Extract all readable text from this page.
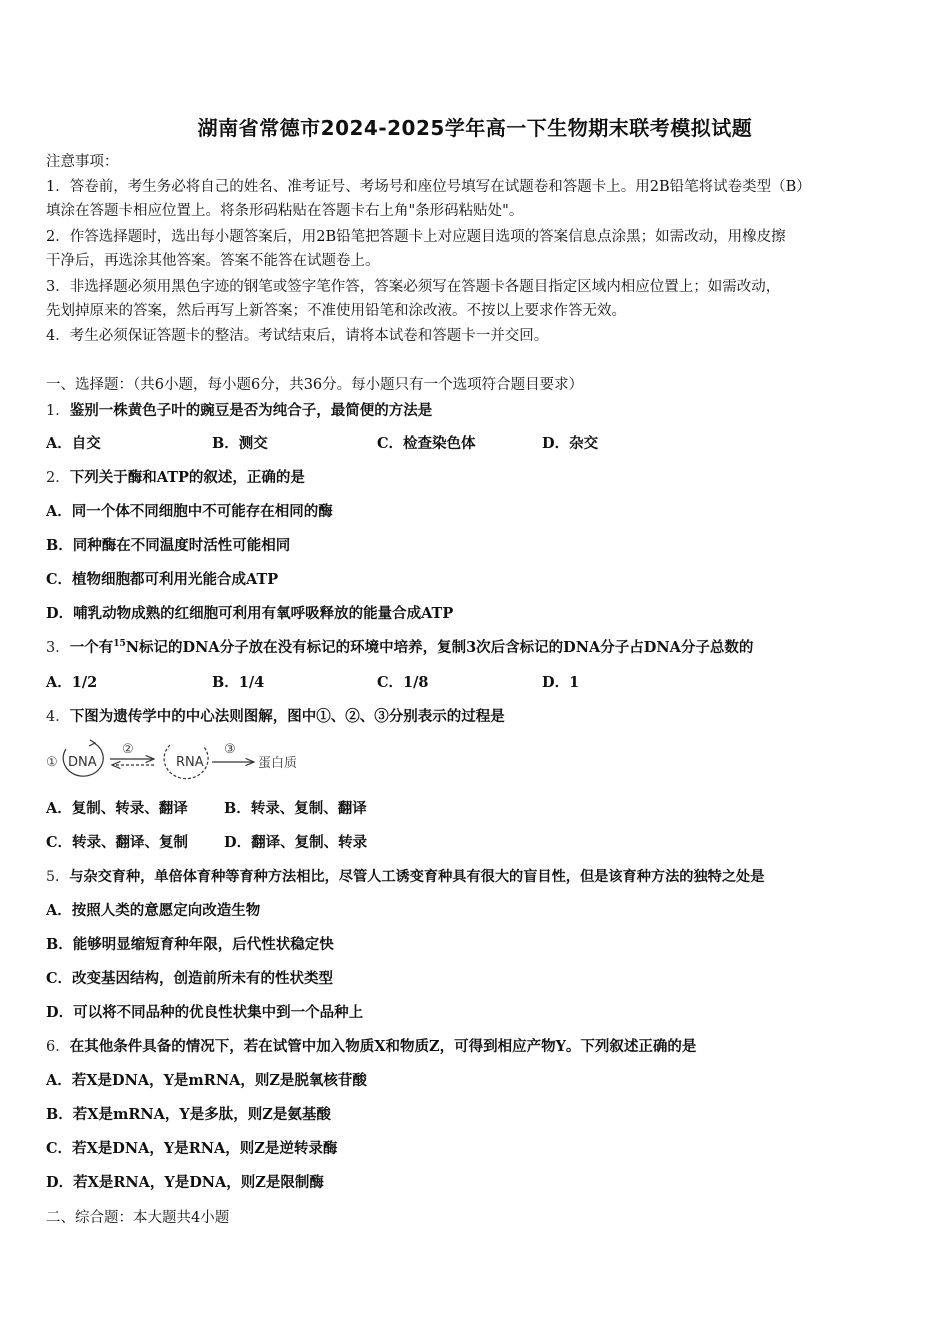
湖南省常德市2024-2025学年高一下生物期末联考模拟试题
注意事项：
1．答卷前，考生务必将自己的姓名、准考证号、考场号和座位号填写在试题卷和答题卡上。用2B铅笔将试卷类型（B）
填涂在答题卡相应位置上。将条形码粘贴在答题卡右上角"条形码粘贴处"。
2．作答选择题时，选出每小题答案后，用2B铅笔把答题卡上对应题目选项的答案信息点涂黑；如需改动，用橡皮擦
干净后，再选涂其他答案。答案不能答在试题卷上。
3．非选择题必须用黑色字迹的钢笔或签字笔作答，答案必须写在答题卡各题目指定区域内相应位置上；如需改动，
先划掉原来的答案，然后再写上新答案；不准使用铅笔和涂改液。不按以上要求作答无效。
4．考生必须保证答题卡的整洁。考试结束后，请将本试卷和答题卡一并交回。
一、选择题：（共6小题，每小题6分，共36分。每小题只有一个选项符合题目要求）
1．鉴别一株黄色子叶的豌豆是否为纯合子，最简便的方法是
A．自交	B．测交	C．检查染色体	D．杂交
2．下列关于酶和ATP的叙述，正确的是
A．同一个体不同细胞中不可能存在相同的酶
B．同种酶在不同温度时活性可能相同
C．植物细胞都可利用光能合成ATP
D．哺乳动物成熟的红细胞可利用有氧呼吸释放的能量合成ATP
3．一个有$^{15}$N标记的DNA分子放在没有标记的环境中培养，复制3次后含标记的DNA分子占DNA分子总数的
A．1/2	B．1/4	C．1/8	D．1
4．下图为遗传学中的中心法则图解，图中①、②、③分别表示的过程是
① DNA
②
RNA
③
蛋白质
A．复制、转录、翻译	B．转录、复制、翻译
C．转录、翻译、复制 D．翻译、复制、转录
5．与杂交育种，单倍体育种等育种方法相比，尽管人工诱变育种具有很大的盲目性，但是该育种方法的独特之处是
A．按照人类的意愿定向改造生物
B．能够明显缩短育种年限，后代性状稳定快
C．改变基因结构，创造前所未有的性状类型
D．可以将不同品种的优良性状集中到一个品种上
6．在其他条件具备的情况下，若在试管中加入物质X和物质Z，可得到相应产物Y。下列叙述正确的是
A．若X是DNA，Y是mRNA，则Z是脱氧核苷酸
B．若X是mRNA，Y是多肽，则Z是氨基酸
C．若X是DNA，Y是RNA，则Z是逆转录酶
D．若X是RNA，Y是DNA，则Z是限制酶
二、综合题：本大题共4小题
